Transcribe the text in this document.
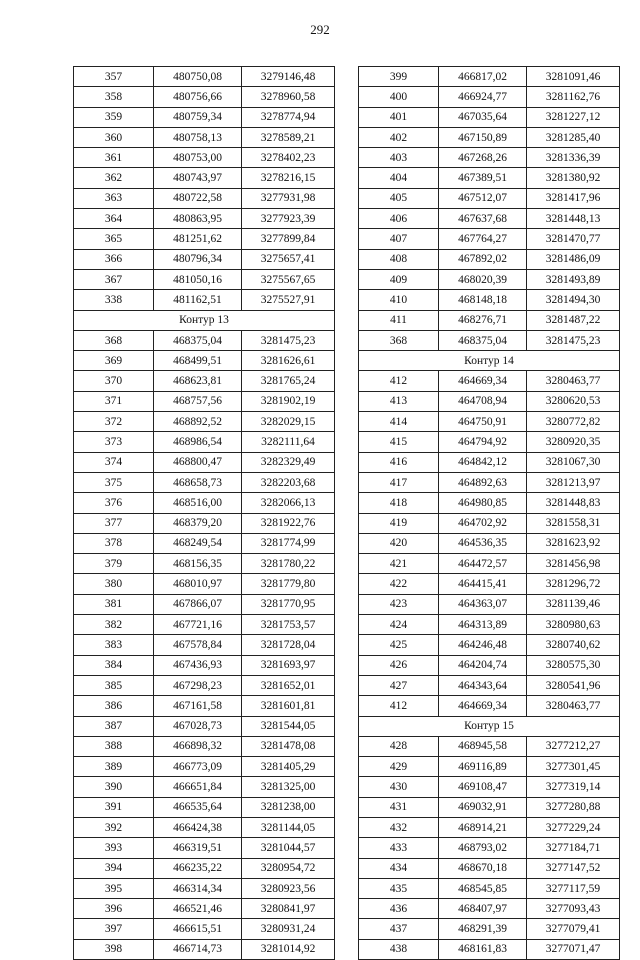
292
357	480750,08	3279146,48
358	480756,66	3278960,58
359	480759,34	3278774,94
360	480758,13	3278589,21
361	480753,00	3278402,23
362	480743,97	3278216,15
363	480722,58	3277931,98
364	480863,95	3277923,39
365	481251,62	3277899,84
366	480796,34	3275657,41
367	481050,16	3275567,65
338	481162,51	3275527,91
Контур 13		
368	468375,04	3281475,23
369	468499,51	3281626,61
370	468623,81	3281765,24
371	468757,56	3281902,19
372	468892,52	3282029,15
373	468986,54	3282111,64
374	468800,47	3282329,49
375	468658,73	3282203,68
376	468516,00	3282066,13
377	468379,20	3281922,76
378	468249,54	3281774,99
379	468156,35	3281780,22
380	468010,97	3281779,80
381	467866,07	3281770,95
382	467721,16	3281753,57
383	467578,84	3281728,04
384	467436,93	3281693,97
385	467298,23	3281652,01
386	467161,58	3281601,81
387	467028,73	3281544,05
388	466898,32	3281478,08
389	466773,09	3281405,29
390	466651,84	3281325,00
391	466535,64	3281238,00
392	466424,38	3281144,05
393	466319,51	3281044,57
394	466235,22	3280954,72
395	466314,34	3280923,56
396	466521,46	3280841,97
397	466615,51	3280931,24
398	466714,73	3281014,92
399	466817,02	3281091,46
400	466924,77	3281162,76
401	467035,64	3281227,12
402	467150,89	3281285,40
403	467268,26	3281336,39
404	467389,51	3281380,92
405	467512,07	3281417,96
406	467637,68	3281448,13
407	467764,27	3281470,77
408	467892,02	3281486,09
409	468020,39	3281493,89
410	468148,18	3281494,30
411	468276,71	3281487,22
368	468375,04	3281475,23
Контур 14		
412	464669,34	3280463,77
413	464708,94	3280620,53
414	464750,91	3280772,82
415	464794,92	3280920,35
416	464842,12	3281067,30
417	464892,63	3281213,97
418	464980,85	3281448,83
419	464702,92	3281558,31
420	464536,35	3281623,92
421	464472,57	3281456,98
422	464415,41	3281296,72
423	464363,07	3281139,46
424	464313,89	3280980,63
425	464246,48	3280740,62
426	464204,74	3280575,30
427	464343,64	3280541,96
412	464669,34	3280463,77
Контур 15		
428	468945,58	3277212,27
429	469116,89	3277301,45
430	469108,47	3277319,14
431	469032,91	3277280,88
432	468914,21	3277229,24
433	468793,02	3277184,71
434	468670,18	3277147,52
435	468545,85	3277117,59
436	468407,97	3277093,43
437	468291,39	3277079,41
438	468161,83	3277071,47
